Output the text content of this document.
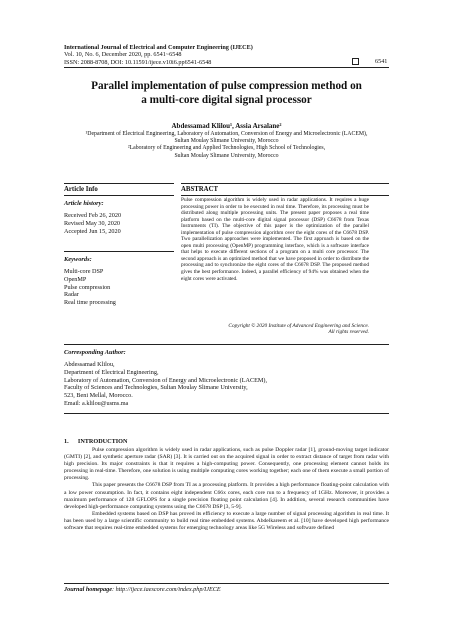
International Journal of Electrical and Computer Engineering (IJECE)
Vol. 10, No. 6, December 2020, pp. 6541~6548
ISSN: 2088-8708, DOI: 10.11591/ijece.v10i6.pp6541-6548	6541
Parallel implementation of pulse compression method on
a multi-core digital signal processor
Abdessamad Klilou¹, Assia Arsalane²
¹Department of Electrical Engineering, Laboratory of Automation, Conversion of Energy and Microelectronic (LACEM),
Sultan Moulay Slimane University, Morocco
²Laboratory of Engineering and Applied Technologies, High School of Technologies,
Sultan Moulay Slimane University, Morocco
Article Info	ABSTRACT
Article history:
Received Feb 26, 2020
Revised May 30, 2020
Accepted Jun 15, 2020
Keywords:
Multi-core DSP
OpenMP
Pulse compression
Radar
Real time processing
Pulse compression algorithm is widely used in radar applications. It requires a huge processing power in order to be executed in real time. Therefore, its processing must be distributed along multiple processing units. The present paper proposes a real time platform based on the multi-core digital signal processor (DSP) C6678 from Texas Instruments (TI). The objective of this paper is the optimization of the parallel implementation of pulse compression algorithm over the eight cores of the C6678 DSP. Two parallelization approaches were implemented. The first approach is based on the open multi processing (OpenMP) programming interface, which is a software interface that helps to execute different sections of a program on a multi core processor. The second approach is an optimized method that we have proposed in order to distribute the processing and to synchronize the eight cores of the C6678 DSP. The proposed method gives the best performance. Indeed, a parallel efficiency of 94% was obtained when the eight cores were activated.
Copyright © 2020 Institute of Advanced Engineering and Science.
All rights reserved.
Corresponding Author:
Abdessamad Klilou,
Department of Electrical Engineering,
Laboratory of Automation, Conversion of Energy and Microelectronic (LACEM),
Faculty of Sciences and Technologies, Sultan Moulay Slimane University,
523, Beni Mellal, Morocco.
Email: a.klilou@usms.ma
1.      INTRODUCTION
Pulse compression algorithm is widely used in radar applications, such as pulse Doppler radar [1], ground-moving target indicator (GMTI) [2], and synthetic aperture radar (SAR) [3]. It is carried out on the acquired signal in order to extract distance of target from radar with high precision. Its major constraints is that it requires a high-computing power. Consequently, one processing element cannot holds its processing in real-time. Therefore, one solution is using multiple computing cores working together; each one of them execute a small portion of processing.
This paper presents the C6678 DSP from TI as a processing platform. It provides a high performance floating-point calculation with a low power consumption. In fact, it contains eight independent C66x cores, each core run to a frequency of 1GHz. Moreover, it provides a maximum performance of 128 GFLOPS for a single precision floating point calculation [4]. In addition, several research communities have developed high-performance computing systems using the C6678 DSP [3, 5-9].
Embedded systems based on DSP has proved its efficiency to execute a large number of signal processing algorithm in real time. It has been used by a large scientific community to build real time embedded systems. Abdelkareem et al. [10] have developed high performance software that requires real-time embedded systems for emerging technology areas like 5G Wireless and software defined
Journal homepage: http://ijece.iaescore.com/index.php/IJECE
